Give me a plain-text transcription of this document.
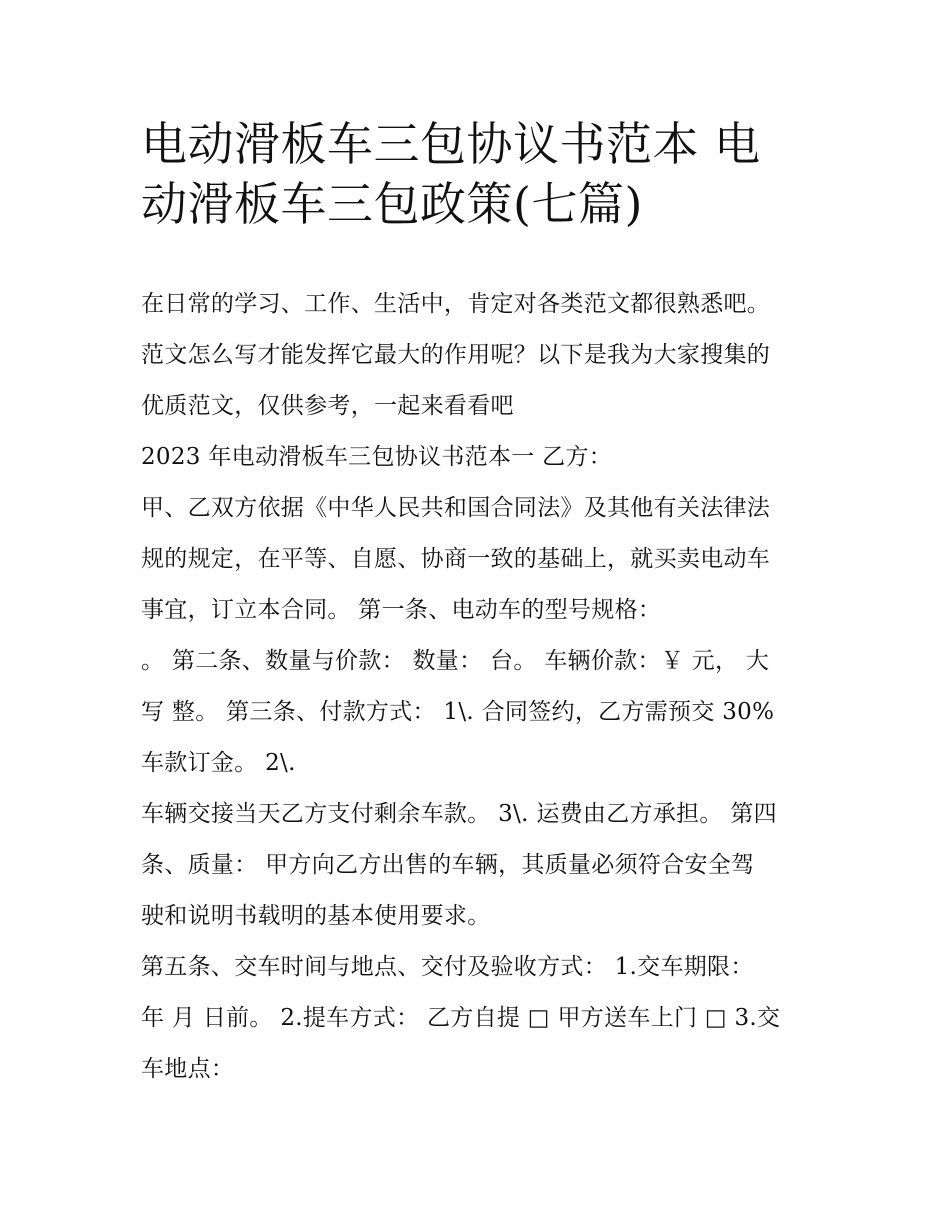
电动滑板车三包协议书范本 电
动滑板车三包政策(七篇)
在日常的学习、工作、生活中，肯定对各类范文都很熟悉吧。
范文怎么写才能发挥它最大的作用呢？以下是我为大家搜集的
优质范文，仅供参考，一起来看看吧
2023 年电动滑板车三包协议书范本一 乙方：
甲、乙双方依据《中华人民共和国合同法》及其他有关法律法
规的规定，在平等、自愿、协商一致的基础上，就买卖电动车
事宜，订立本合同。 第一条、电动车的型号规格：
。 第二条、数量与价款： 数量： 台。 车辆价款：￥ 元， 大
写 整。 第三条、付款方式： 1\. 合同签约，乙方需预交 30%
车款订金。 2\.
车辆交接当天乙方支付剩余车款。 3\. 运费由乙方承担。 第四
条、质量： 甲方向乙方出售的车辆，其质量必须符合安全驾
驶和说明书载明的基本使用要求。
第五条、交车时间与地点、交付及验收方式： 1.交车期限：
年 月 日前。 2.提车方式： 乙方自提 □ 甲方送车上门 □ 3.交
车地点：
